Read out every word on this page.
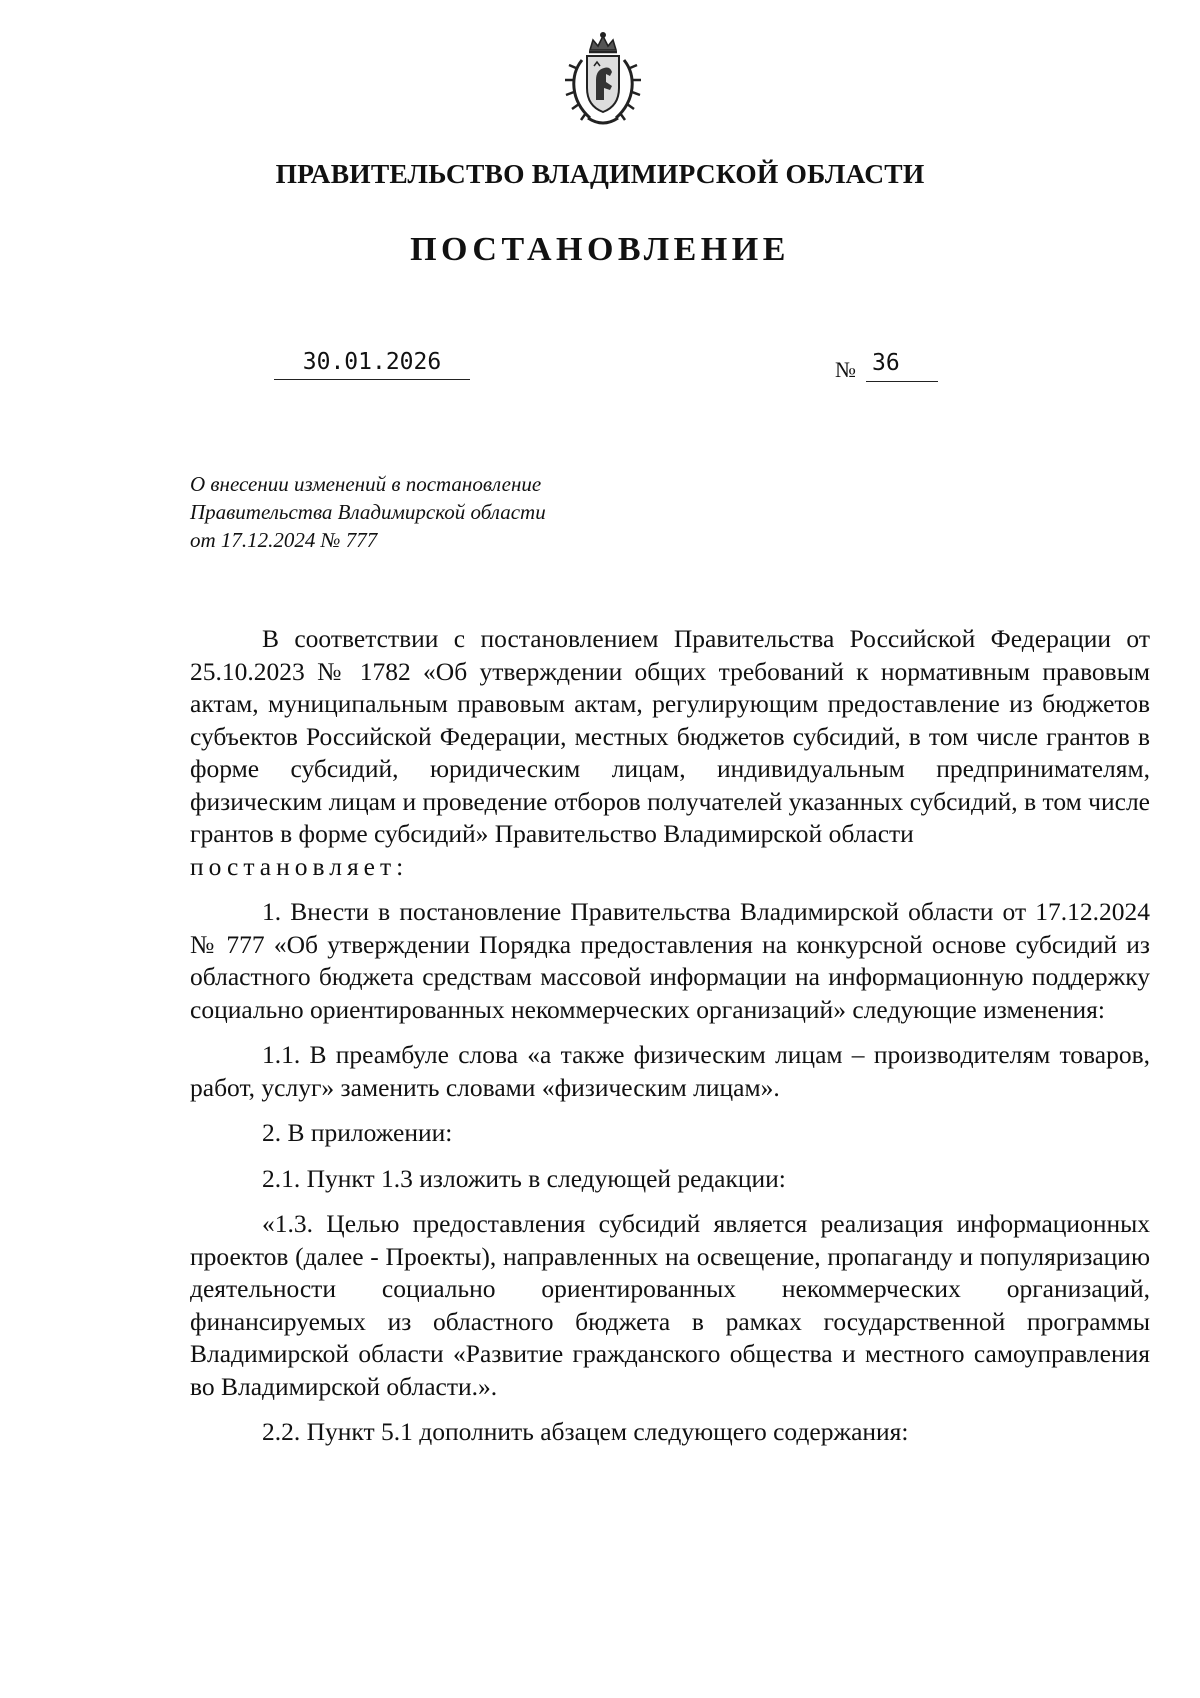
ПРАВИТЕЛЬСТВО ВЛАДИМИРСКОЙ ОБЛАСТИ
ПОСТАНОВЛЕНИЕ
30.01.2026	№ 36
О внесении изменений в постановление
Правительства Владимирской области
от 17.12.2024 № 777

В соответствии с постановлением Правительства Российской Федерации от 25.10.2023 № 1782 «Об утверждении общих требований к нормативным правовым актам, муниципальным правовым актам, регулирующим предоставление из бюджетов субъектов Российской Федерации, местных бюджетов субсидий, в том числе грантов в форме субсидий, юридическим лицам, индивидуальным предпринимателям, физическим лицам и проведение отборов получателей указанных субсидий, в том числе грантов в форме субсидий» Правительство Владимирской области
постановляет:

1. Внести в постановление Правительства Владимирской области от 17.12.2024 № 777 «Об утверждении Порядка предоставления на конкурсной основе субсидий из областного бюджета средствам массовой информации на информационную поддержку социально ориентированных некоммерческих организаций» следующие изменения:

1.1. В преамбуле слова «а также физическим лицам – производителям товаров, работ, услуг» заменить словами «физическим лицам».

2. В приложении:

2.1. Пункт 1.3 изложить в следующей редакции:

«1.3. Целью предоставления субсидий является реализация информационных проектов (далее - Проекты), направленных на освещение, пропаганду и популяризацию деятельности социально ориентированных некоммерческих организаций, финансируемых из областного бюджета в рамках государственной программы Владимирской области «Развитие гражданского общества и местного самоуправления во Владимирской области.».

2.2. Пункт 5.1 дополнить абзацем следующего содержания:
